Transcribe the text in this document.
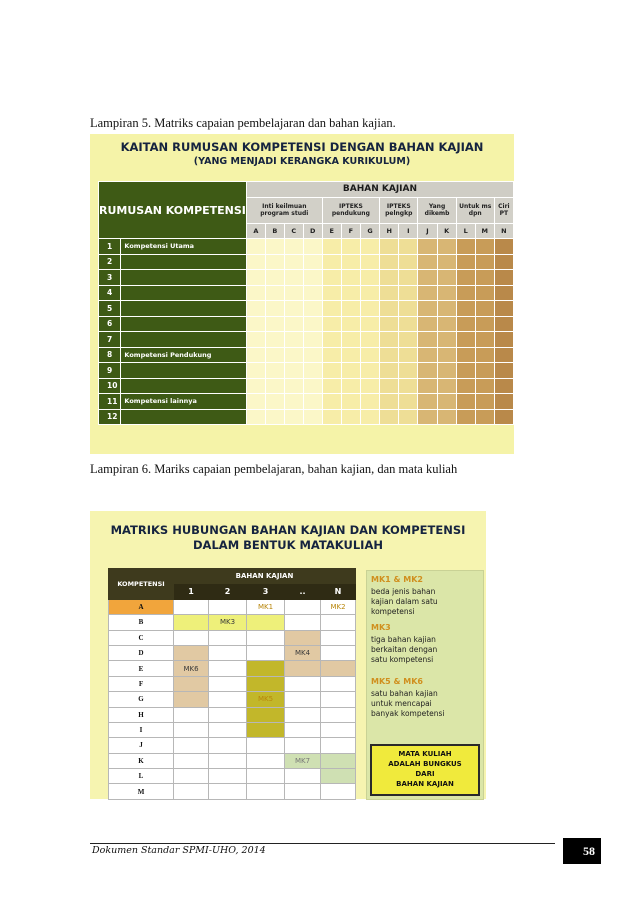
Lampiran 5. Matriks capaian pembelajaran dan bahan kajian.
KAITAN RUMUSAN KOMPETENSI DENGAN BAHAN KAJIAN
(YANG MENJADI KERANGKA KURIKULUM)
RUMUSAN KOMPETENSI		BAHAN KAJIAN													
		Inti keilmuan program studi				IPTEKS pendukung			IPTEKS pelngkp		Yang dikemb		Untuk ms dpn		Ciri PT
		A	B	C	D	E	F	G	H	I	J	K	L	M	N
1	Kompetensi Utama														
2															
3															
4															
5															
6															
7															
8	Kompetensi Pendukung														
9															
10															
11	Kompetensi lainnya														
12															
Lampiran 6. Mariks capaian pembelajaran, bahan kajian, dan mata kuliah
MATRIKS HUBUNGAN BAHAN KAJIAN DAN KOMPETENSI
DALAM BENTUK MATAKULIAH
KOMPETENSI	BAHAN KAJIAN				
	1	2	3	..	N
A			MK1		MK2
B		MK3			
C					
D				MK4	
E	MK6				
F					
G			MK5		
H					
I					
J					
K				MK7	
L					
M					
MK1 & MK2
beda jenis bahan
kajian dalam satu
kompetensi
MK3
tiga bahan kajian
berkaitan dengan
satu kompetensi
MK5 & MK6
satu bahan kajian
untuk mencapai
banyak kompetensi
MATA KULIAH
ADALAH BUNGKUS
DARI
BAHAN KAJIAN
Dokumen Standar SPMI-UHO, 2014	58
